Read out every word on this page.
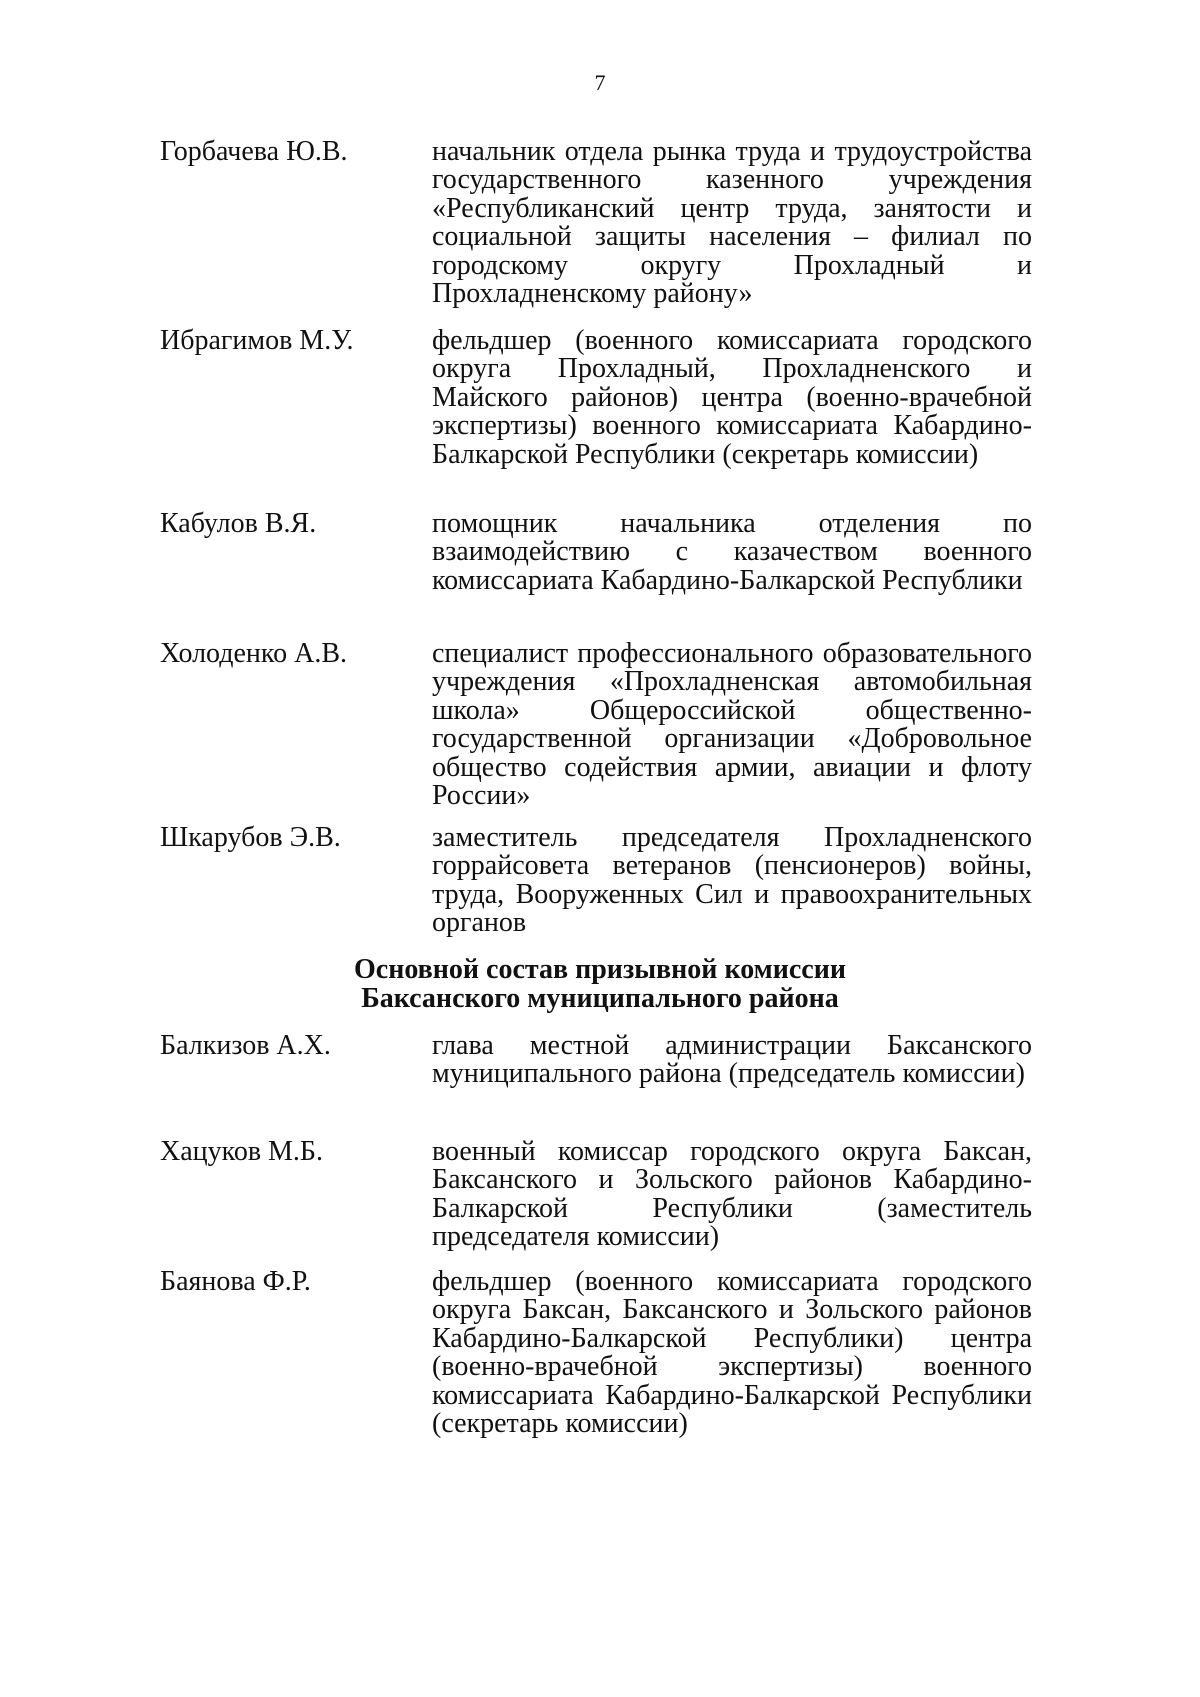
7
Горбачева Ю.В.	начальник отдела рынка труда и трудоустройства государственного казенного учреждения «Республиканский центр труда, занятости и социальной защиты населения – филиал по городскому округу Прохладный и Прохладненскому району»
Ибрагимов М.У.	фельдшер (военного комиссариата городского округа Прохладный, Прохладненского и Майского районов) центра (военно-врачебной экспертизы) военного комиссариата Кабардино-Балкарской Республики (секретарь комиссии)
Кабулов В.Я.	помощник начальника отделения по взаимодействию с казачеством военного комиссариата Кабардино-Балкарской Республики
Холоденко А.В.	специалист профессионального образовательного учреждения «Прохладненская автомобильная школа» Общероссийской общественно-государственной организации «Добровольное общество содействия армии, авиации и флоту России»
Шкарубов Э.В.	заместитель председателя Прохладненского горрайсовета ветеранов (пенсионеров) войны, труда, Вооруженных Сил и правоохранительных органов
Основной состав призывной комиссии
Баксанского муниципального района
Балкизов А.Х.	глава местной администрации Баксанского муниципального района (председатель комиссии)
Хацуков М.Б.	военный комиссар городского округа Баксан, Баксанского и Зольского районов Кабардино-Балкарской Республики (заместитель председателя комиссии)
Баянова Ф.Р.	фельдшер (военного комиссариата городского округа Баксан, Баксанского и Зольского районов Кабардино-Балкарской Республики) центра (военно-врачебной экспертизы) военного комиссариата Кабардино-Балкарской Республики (секретарь комиссии)
